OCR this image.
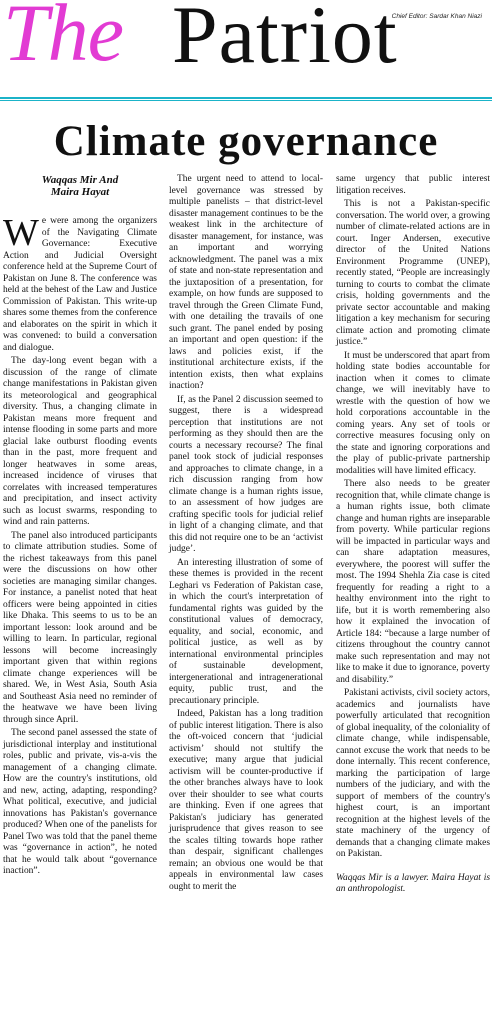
The Patriot
Chief Editor: Sardar Khan Niazi
Climate governance
Waqqas Mir And
Maira Hayat

We were among the organizers of the Navigating Climate Governance: Executive Action and Judicial Oversight conference held at the Supreme Court of Pakistan on June 8. The conference was held at the behest of the Law and Justice Commission of Pakistan. This write-up shares some themes from the conference and elaborates on the spirit in which it was convened: to build a conversation and dialogue.

The day-long event began with a discussion of the range of climate change manifestations in Pakistan given its meteorological and geographical diversity. Thus, a changing climate in Pakistan means more frequent and intense flooding in some parts and more glacial lake outburst flooding events than in the past, more frequent and longer heatwaves in some areas, increased incidence of viruses that correlates with increased temperatures and precipitation, and insect activity such as locust swarms, responding to wind and rain patterns.

The panel also introduced participants to climate attribution studies. Some of the richest takeaways from this panel were the discussions on how other societies are managing similar changes. For instance, a panelist noted that heat officers were being appointed in cities like Dhaka. This seems to us to be an important lesson: look around and be willing to learn. In particular, regional lessons will become increasingly important given that within regions climate change experiences will be shared. We, in West Asia, South Asia and Southeast Asia need no reminder of the heatwave we have been living through since April.

The second panel assessed the state of jurisdictional interplay and institutional roles, public and private, vis-a-vis the management of a changing climate. How are the country's institutions, old and new, acting, adapting, responding? What political, executive, and judicial innovations has Pakistan's governance produced? When one of the panelists for Panel Two was told that the panel theme was “governance in action”, he noted that he would talk about “governance inaction”.

The urgent need to attend to local-level governance was stressed by multiple panelists – that district-level disaster management continues to be the weakest link in the architecture of disaster management, for instance, was an important and worrying acknowledgment. The panel was a mix of state and non-state representation and the juxtaposition of a presentation, for example, on how funds are supposed to travel through the Green Climate Fund, with one detailing the travails of one such grant. The panel ended by posing an important and open question: if the laws and policies exist, if the institutional architecture exists, if the intention exists, then what explains inaction?

If, as the Panel 2 discussion seemed to suggest, there is a widespread perception that institutions are not performing as they should then are the courts a necessary recourse? The final panel took stock of judicial responses and approaches to climate change, in a rich discussion ranging from how climate change is a human rights issue, to an assessment of how judges are crafting specific tools for judicial relief in light of a changing climate, and that this did not require one to be an ‘activist judge’.

An interesting illustration of some of these themes is provided in the recent Leghari vs Federation of Pakistan case, in which the court's interpretation of fundamental rights was guided by the constitutional values of democracy, equality, and social, economic, and political justice, as well as by international environmental principles of sustainable development, intergenerational and intragenerational equity, public trust, and the precautionary principle.

Indeed, Pakistan has a long tradition of public interest litigation. There is also the oft-voiced concern that ‘judicial activism’ should not stultify the executive; many argue that judicial activism will be counter-productive if the other branches always have to look over their shoulder to see what courts are thinking. Even if one agrees that Pakistan's judiciary has generated jurisprudence that gives reason to see the scales tilting towards hope rather than despair, significant challenges remain; an obvious one would be that appeals in environmental law cases ought to merit the

same urgency that public interest litigation receives.

This is not a Pakistan-specific conversation. The world over, a growing number of climate-related actions are in court. Inger Andersen, executive director of the United Nations Environment Programme (UNEP), recently stated, “People are increasingly turning to courts to combat the climate crisis, holding governments and the private sector accountable and making litigation a key mechanism for securing climate action and promoting climate justice.”

It must be underscored that apart from holding state bodies accountable for inaction when it comes to climate change, we will inevitably have to wrestle with the question of how we hold corporations accountable in the coming years. Any set of tools or corrective measures focusing only on the state and ignoring corporations and the play of public-private partnership modalities will have limited efficacy.

There also needs to be greater recognition that, while climate change is a human rights issue, both climate change and human rights are inseparable from poverty. While particular regions will be impacted in particular ways and can share adaptation measures, everywhere, the poorest will suffer the most. The 1994 Shehla Zia case is cited frequently for reading a right to a healthy environment into the right to life, but it is worth remembering also how it explained the invocation of Article 184: “because a large number of citizens throughout the country cannot make such representation and may not like to make it due to ignorance, poverty and disability.”

Pakistani activists, civil society actors, academics and journalists have powerfully articulated that recognition of global inequality, of the coloniality of climate change, while indispensable, cannot excuse the work that needs to be done internally. This recent conference, marking the participation of large numbers of the judiciary, and with the support of members of the country's highest court, is an important recognition at the highest levels of the state machinery of the urgency of demands that a changing climate makes on Pakistan.

Waqqas Mir is a lawyer. Maira Hayat is an anthropologist.
